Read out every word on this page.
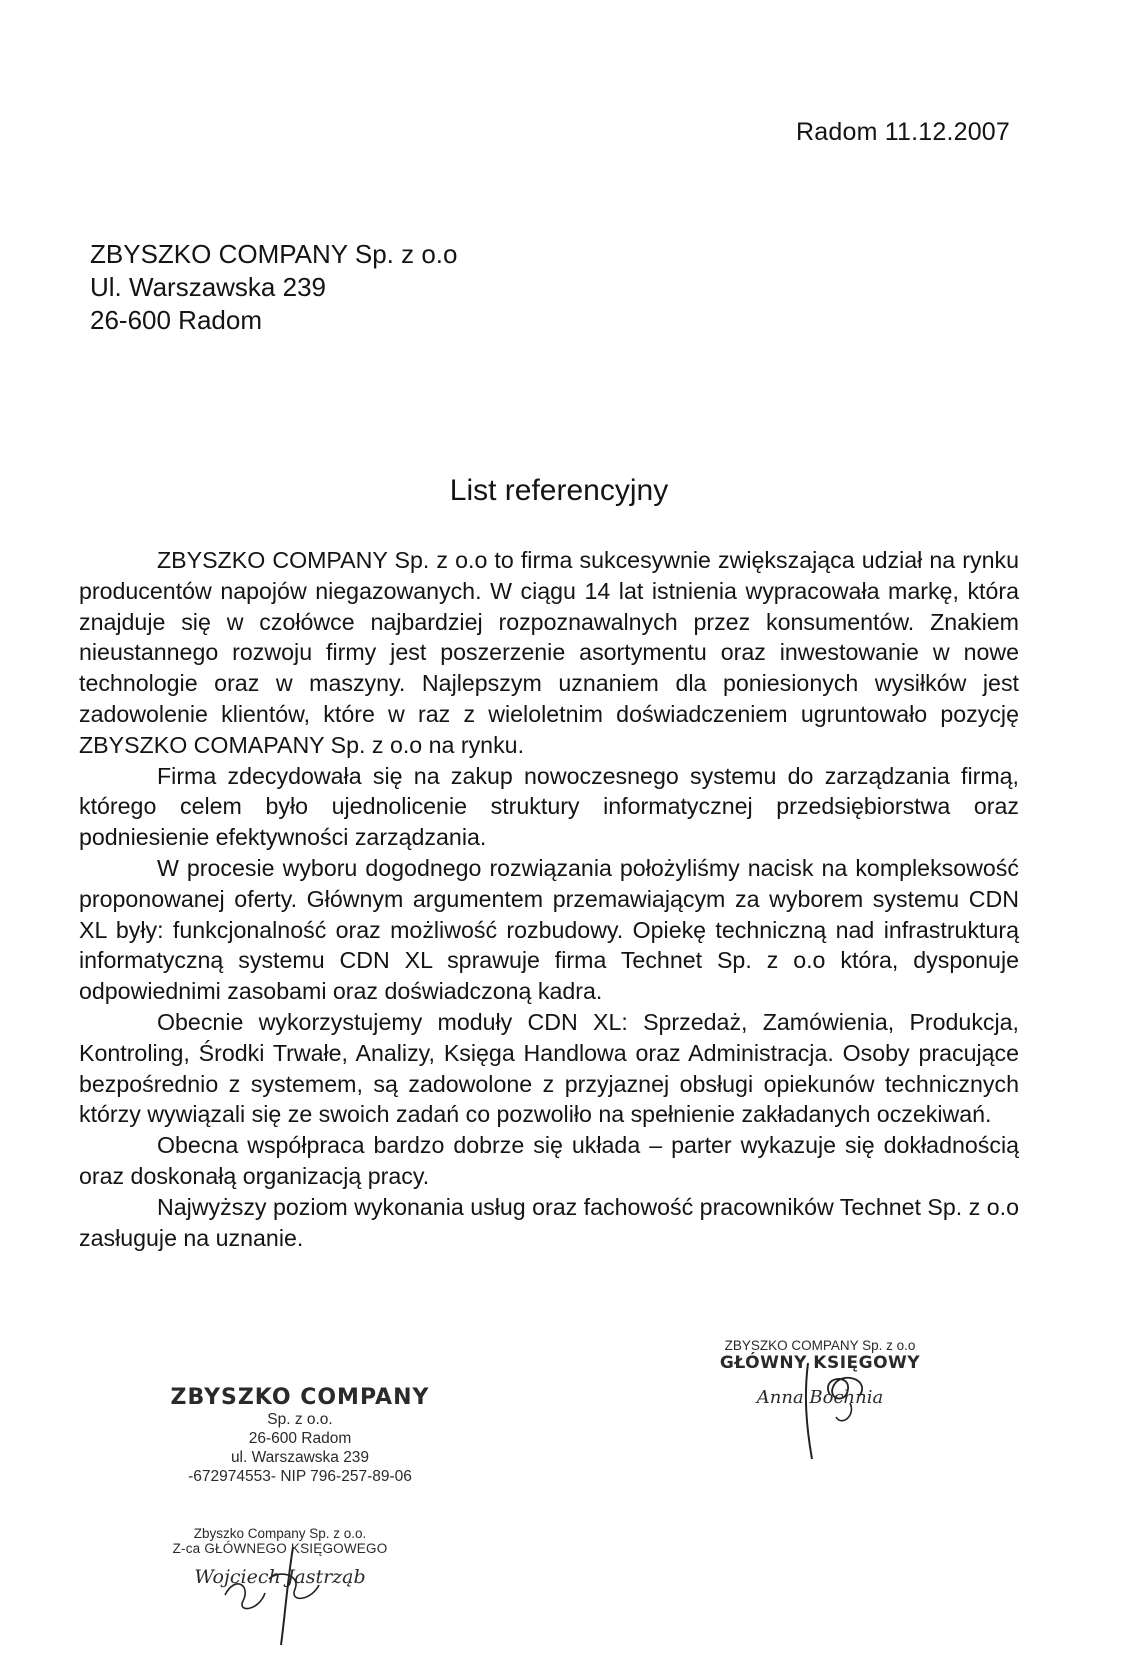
Radom 11.12.2007
ZBYSZKO COMPANY Sp. z o.o
Ul. Warszawska 239
26-600 Radom
List referencyjny

ZBYSZKO COMPANY Sp. z o.o to firma sukcesywnie zwiększająca udział na rynku producentów napojów niegazowanych. W ciągu 14 lat istnienia wypracowała markę, która znajduje się w czołówce najbardziej rozpoznawalnych przez konsumentów. Znakiem nieustannego rozwoju firmy jest poszerzenie asortymentu oraz inwestowanie w nowe technologie oraz w maszyny. Najlepszym uznaniem dla poniesionych wysiłków jest zadowolenie klientów, które w raz z wieloletnim doświadczeniem ugruntowało pozycję ZBYSZKO COMAPANY Sp. z o.o na rynku.

Firma zdecydowała się na zakup nowoczesnego systemu do zarządzania firmą, którego celem było ujednolicenie struktury informatycznej przedsiębiorstwa oraz podniesienie efektywności zarządzania.

W procesie wyboru dogodnego rozwiązania położyliśmy nacisk na kompleksowość proponowanej oferty. Głównym argumentem przemawiającym za wyborem systemu CDN XL były: funkcjonalność oraz możliwość rozbudowy. Opiekę techniczną nad infrastrukturą informatyczną systemu CDN XL sprawuje firma Technet Sp. z o.o która, dysponuje odpowiednimi zasobami oraz doświadczoną kadra.

Obecnie wykorzystujemy moduły CDN XL: Sprzedaż, Zamówienia, Produkcja, Kontroling, Środki Trwałe, Analizy, Księga Handlowa oraz Administracja. Osoby pracujące bezpośrednio z systemem, są zadowolone z przyjaznej obsługi opiekunów technicznych którzy wywiązali się ze swoich zadań co pozwoliło na spełnienie zakładanych oczekiwań.

Obecna współpraca bardzo dobrze się układa – parter wykazuje się dokładnością oraz doskonałą organizacją pracy.

Najwyższy poziom wykonania usług oraz fachowość pracowników Technet Sp. z o.o zasługuje na uznanie.

ZBYSZKO COMPANY
Sp. z o.o.
26-600 Radom
ul. Warszawska 239
-672974553- NIP 796-257-89-06
ZBYSZKO COMPANY Sp. z o.o
GŁÓWNY KSIĘGOWY
Anna Bochnia
Zbyszko Company Sp. z o.o.
Z-ca GŁÓWNEGO KSIĘGOWEGO
Wojciech Jastrząb
